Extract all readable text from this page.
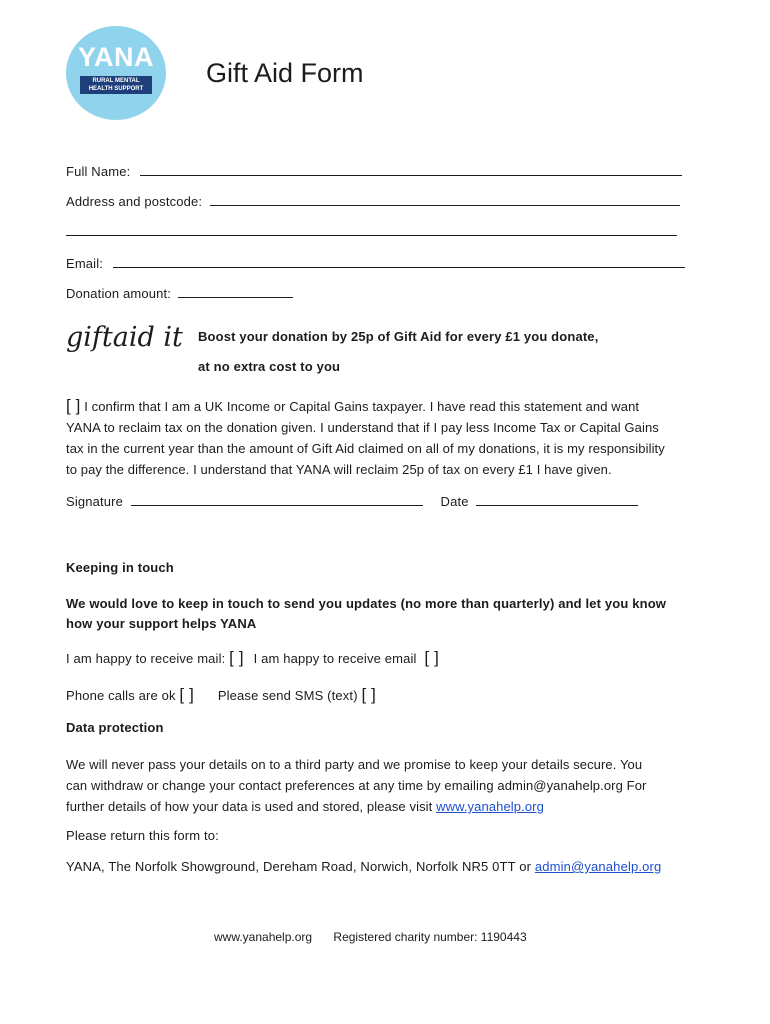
YANA
RURAL MENTAL
HEALTH SUPPORT
Gift Aid Form
Full Name:
Address and postcode:
Email:
Donation amount:
giftaid it Boost your donation by 25p of Gift Aid for every £1 you donate,
at no extra cost to you
[ ] I confirm that I am a UK Income or Capital Gains taxpayer. I have read this statement and want
YANA to reclaim tax on the donation given. I understand that if I pay less Income Tax or Capital Gains
tax in the current year than the amount of Gift Aid claimed on all of my donations, it is my responsibility
to pay the difference. I understand that YANA will reclaim 25p of tax on every £1 I have given.
Signature	Date
Keeping in touch
We would love to keep in touch to send you updates (no more than quarterly) and let you know
how your support helps YANA
I am happy to receive mail: [ ] I am happy to receive email [ ]
Phone calls are ok [ ] Please send SMS (text) [ ]
Data protection
We will never pass your details on to a third party and we promise to keep your details secure. You
can withdraw or change your contact preferences at any time by emailing admin@yanahelp.org For
further details of how your data is used and stored, please visit www.yanahelp.org
Please return this form to:
YANA, The Norfolk Showground, Dereham Road, Norwich, Norfolk NR5 0TT or admin@yanahelp.org
www.yanahelp.org Registered charity number: 1190443
